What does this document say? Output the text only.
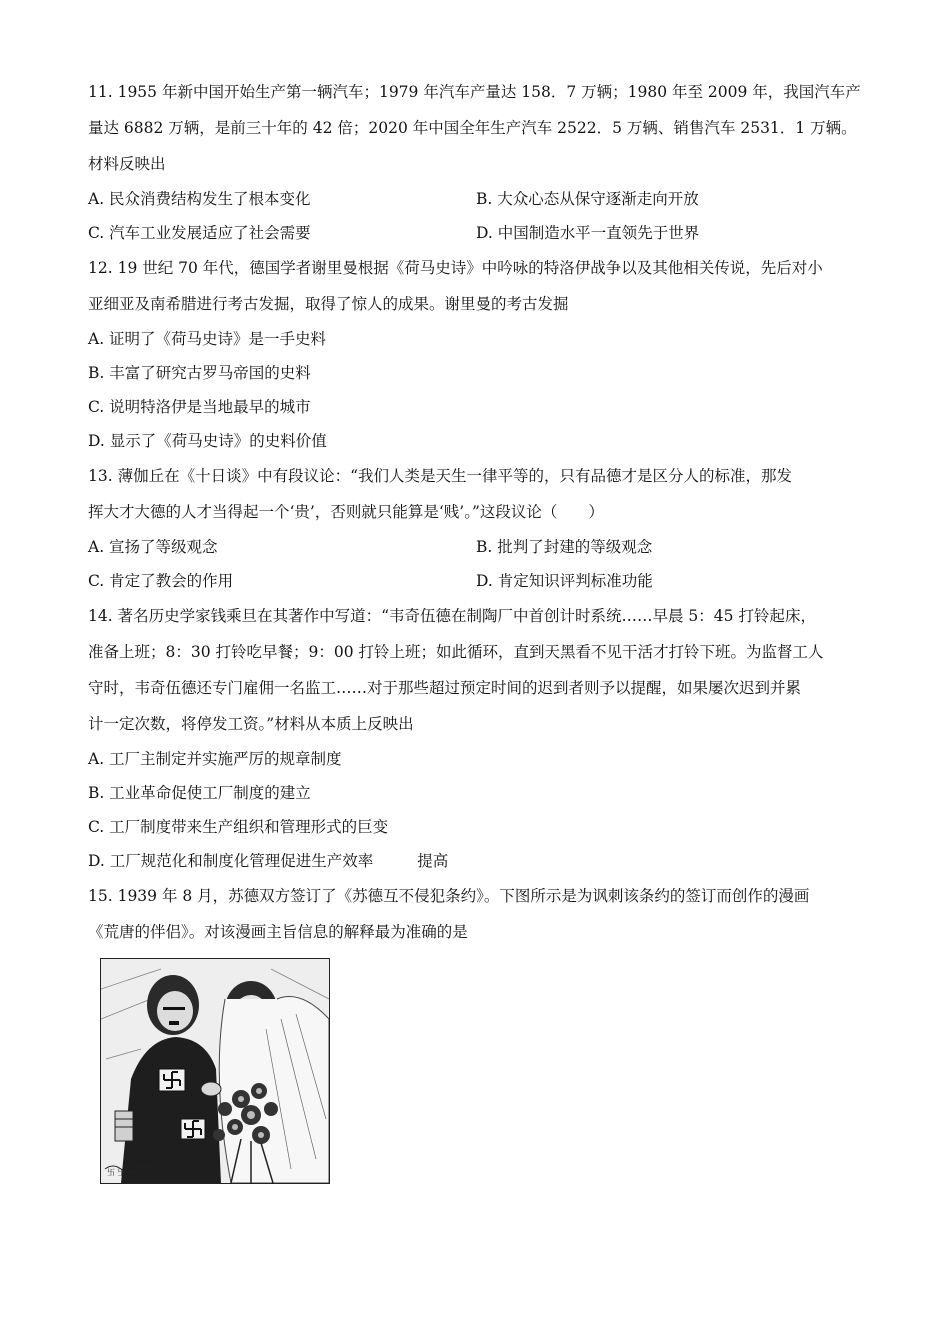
11. 1955 年新中国开始生产第一辆汽车；1979 年汽车产量达 158．7 万辆；1980 年至 2009 年，我国汽车产
量达 6882 万辆，是前三十年的 42 倍；2020 年中国全年生产汽车 2522．5 万辆、销售汽车 2531．1 万辆。
材料反映出
A. 民众消费结构发生了根本变化	B. 大众心态从保守逐渐走向开放
C. 汽车工业发展适应了社会需要	D. 中国制造水平一直领先于世界
12. 19 世纪 70 年代，德国学者谢里曼根据《荷马史诗》中吟咏的特洛伊战争以及其他相关传说，先后对小
亚细亚及南希腊进行考古发掘，取得了惊人的成果。谢里曼的考古发掘
A. 证明了《荷马史诗》是一手史料
B. 丰富了研究古罗马帝国的史料
C. 说明特洛伊是当地最早的城市
D. 显示了《荷马史诗》的史料价值
13. 薄伽丘在《十日谈》中有段议论：“我们人类是天生一律平等的，只有品德才是区分人的标准，那发
挥大才大德的人才当得起一个‘贵’，否则就只能算是‘贱’。”这段议论（　　）
A. 宣扬了等级观念	B. 批判了封建的等级观念
C. 肯定了教会的作用	D. 肯定知识评判标准功能
14. 著名历史学家钱乘旦在其著作中写道：“韦奇伍德在制陶厂中首创计时系统……早晨 5：45 打铃起床，
准备上班；8：30 打铃吃早餐；9：00 打铃上班；如此循环，直到天黑看不见干活才打铃下班。为监督工人
守时，韦奇伍德还专门雇佣一名监工……对于那些超过预定时间的迟到者则予以提醒，如果屡次迟到并累
计一定次数，将停发工资。”材料从本质上反映出
A. 工厂主制定并实施严厉的规章制度
B. 工业革命促使工厂制度的建立
C. 工厂制度带来生产组织和管理形式的巨变
D. 工厂规范化和制度化管理促进生产效率	提高
15. 1939 年 8 月，苏德双方签订了《苏德互不侵犯条约》。下图所示是为讽刺该条约的签订而创作的漫画
《荒唐的伴侣》。对该漫画主旨信息的解释最为准确的是
卐 卐
